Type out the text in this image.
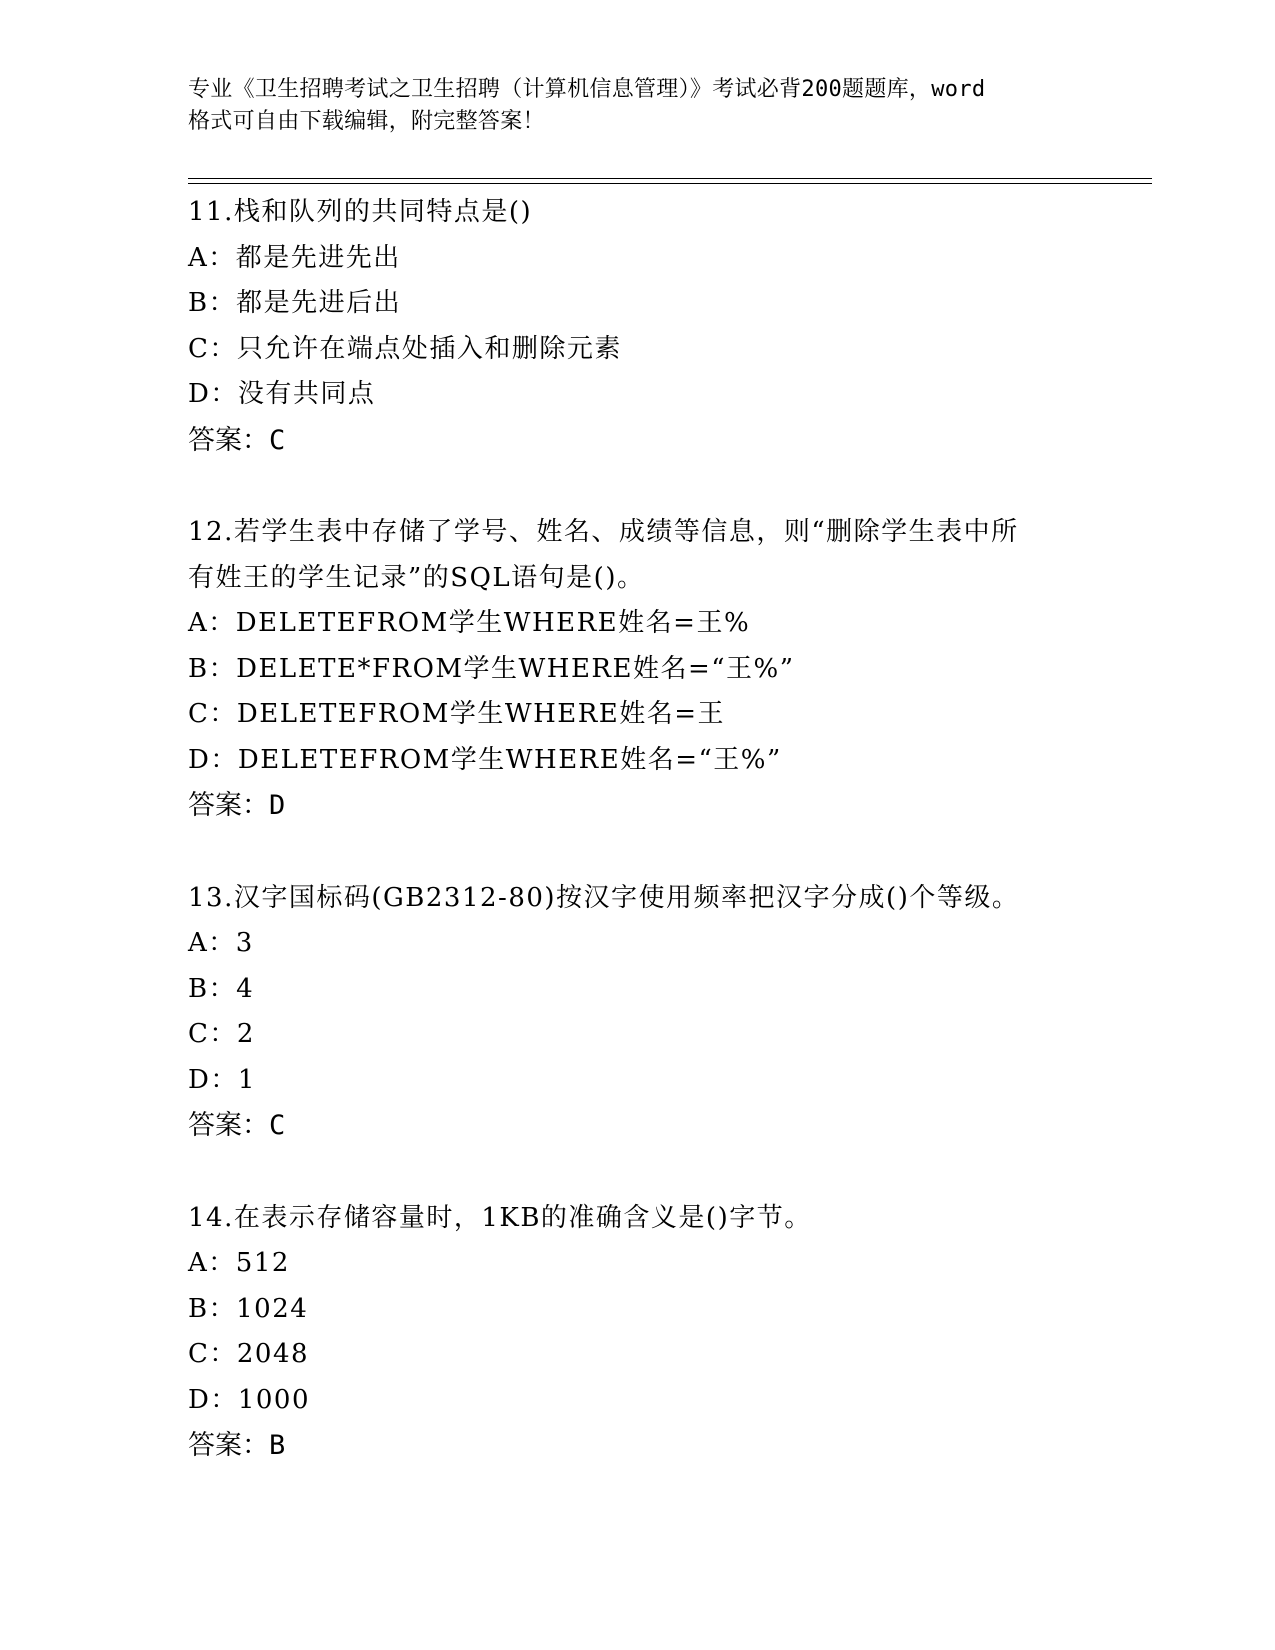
专业《卫生招聘考试之卫生招聘（计算机信息管理）》考试必背200题题库，word
格式可自由下载编辑，附完整答案！
11.栈和队列的共同特点是()
A：都是先进先出
B：都是先进后出
C：只允许在端点处插入和删除元素
D：没有共同点
答案：C
12.若学生表中存储了学号、姓名、成绩等信息，则“删除学生表中所
有姓王的学生记录”的SQL语句是()。
A：DELETEFROM学生WHERE姓名=王%
B：DELETE*FROM学生WHERE姓名=“王%”
C：DELETEFROM学生WHERE姓名=王
D：DELETEFROM学生WHERE姓名=“王%”
答案：D
13.汉字国标码(GB2312-80)按汉字使用频率把汉字分成()个等级。
A：3
B：4
C：2
D：1
答案：C
14.在表示存储容量时，1KB的准确含义是()字节。
A：512
B：1024
C：2048
D：1000
答案：B
